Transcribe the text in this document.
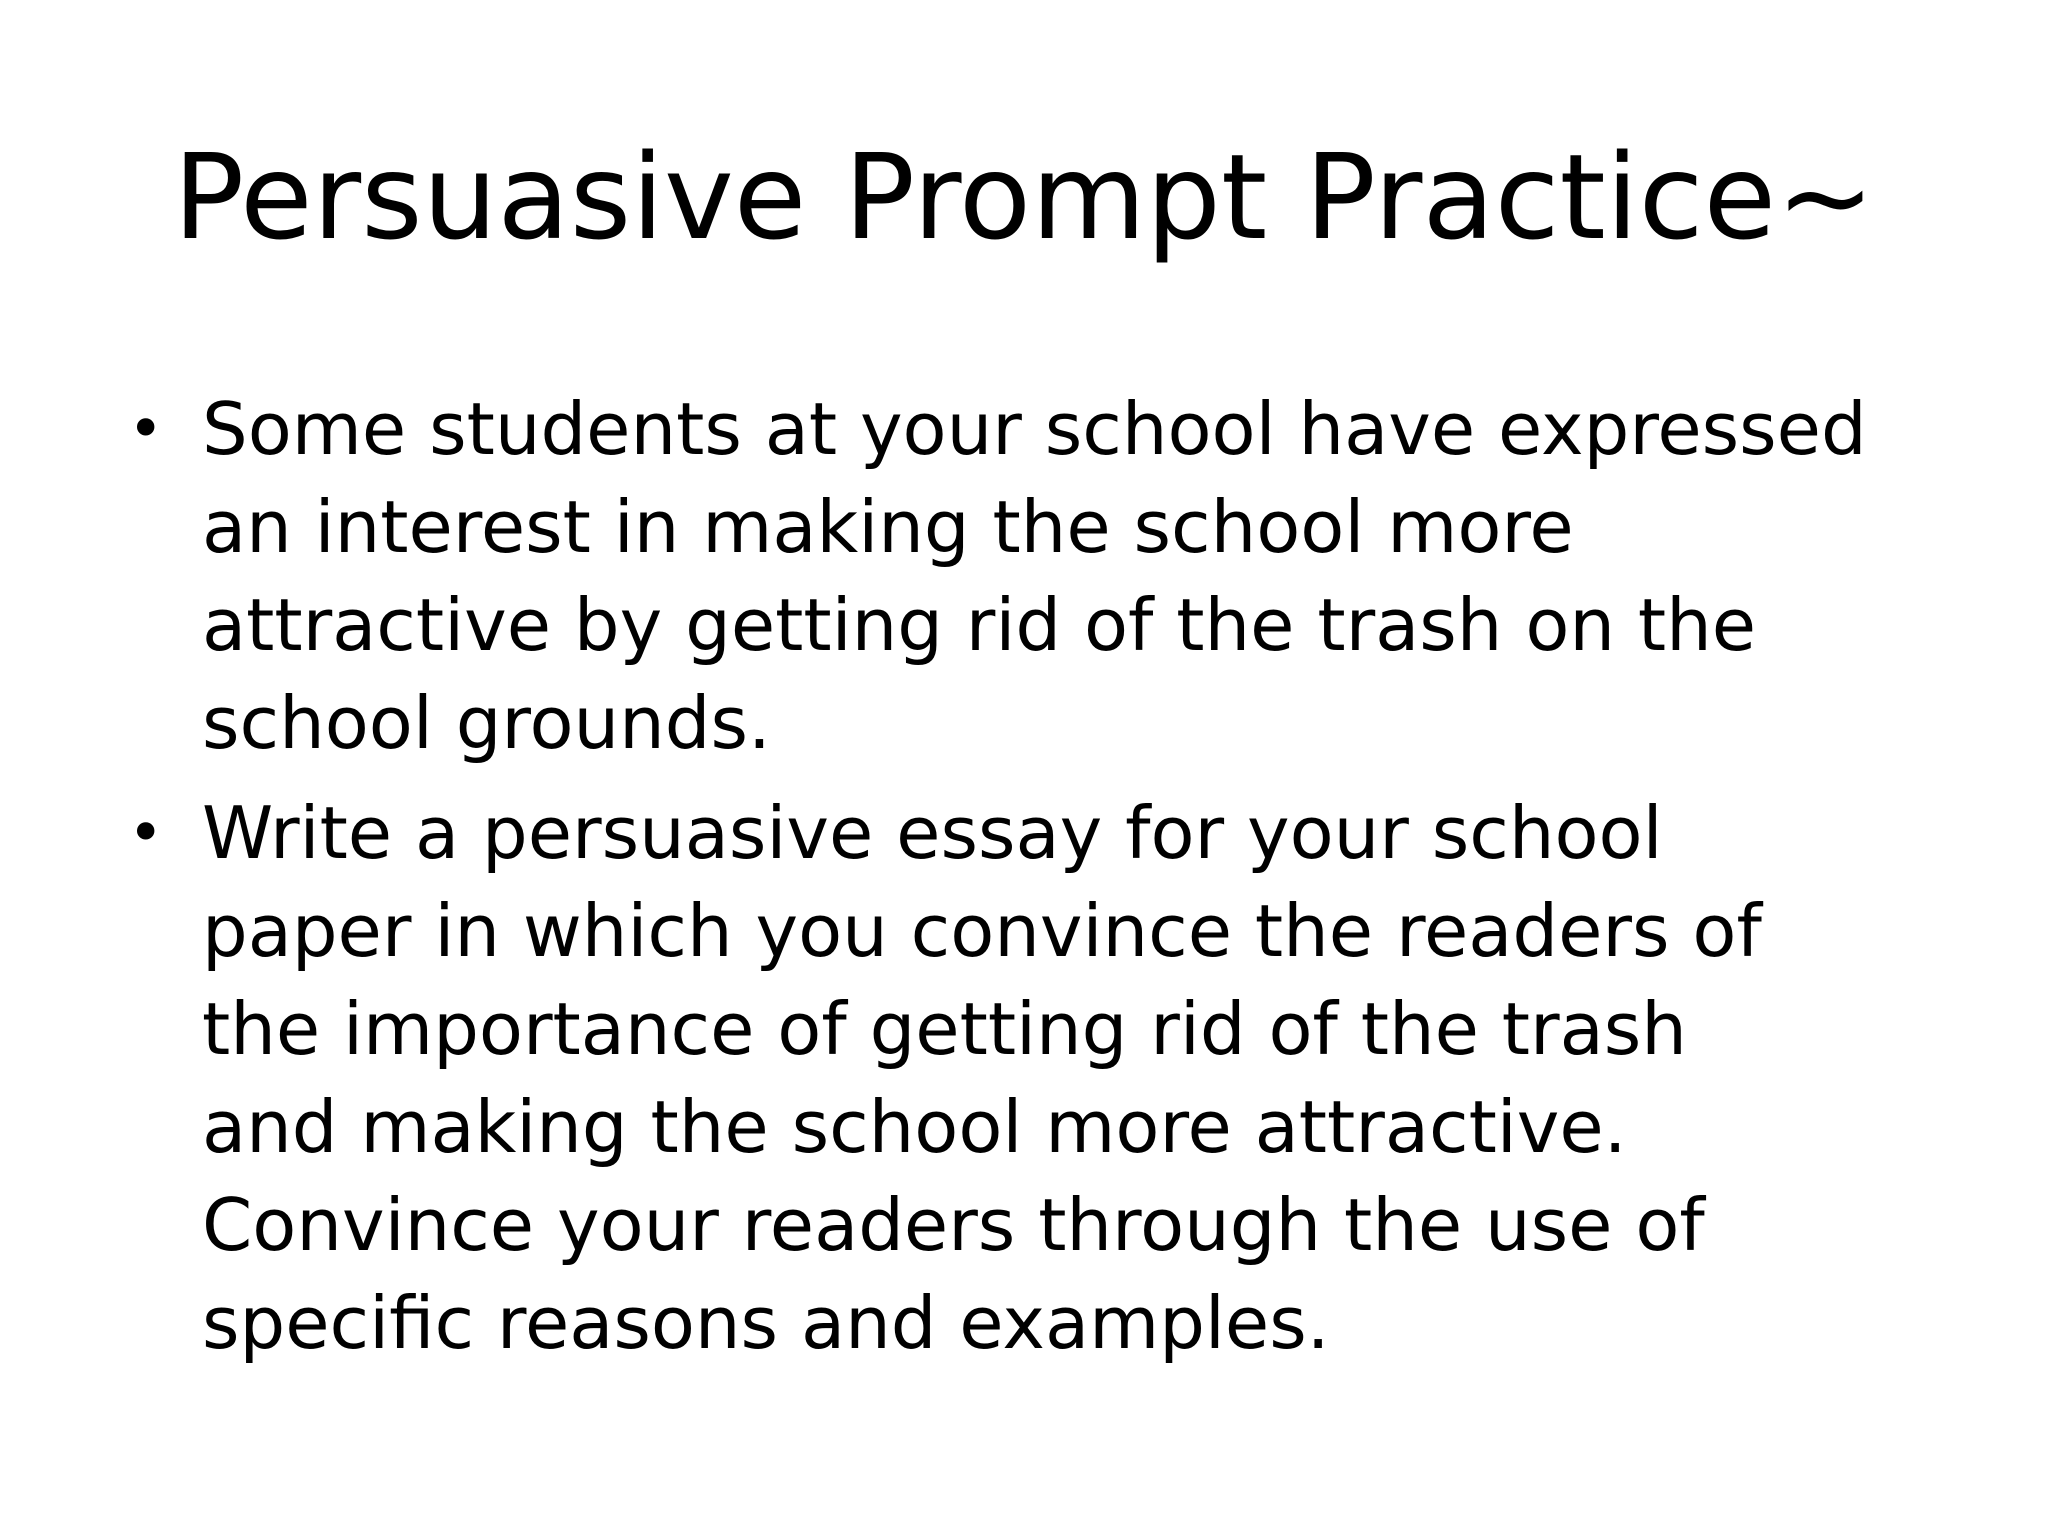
Persuasive Prompt Practice~
• Some students at your school have expressed
an interest in making the school more
attractive by getting rid of the trash on the
school grounds.
• Write a persuasive essay for your school
paper in which you convince the readers of
the importance of getting rid of the trash
and making the school more attractive.
Convince your readers through the use of
specific reasons and examples.
